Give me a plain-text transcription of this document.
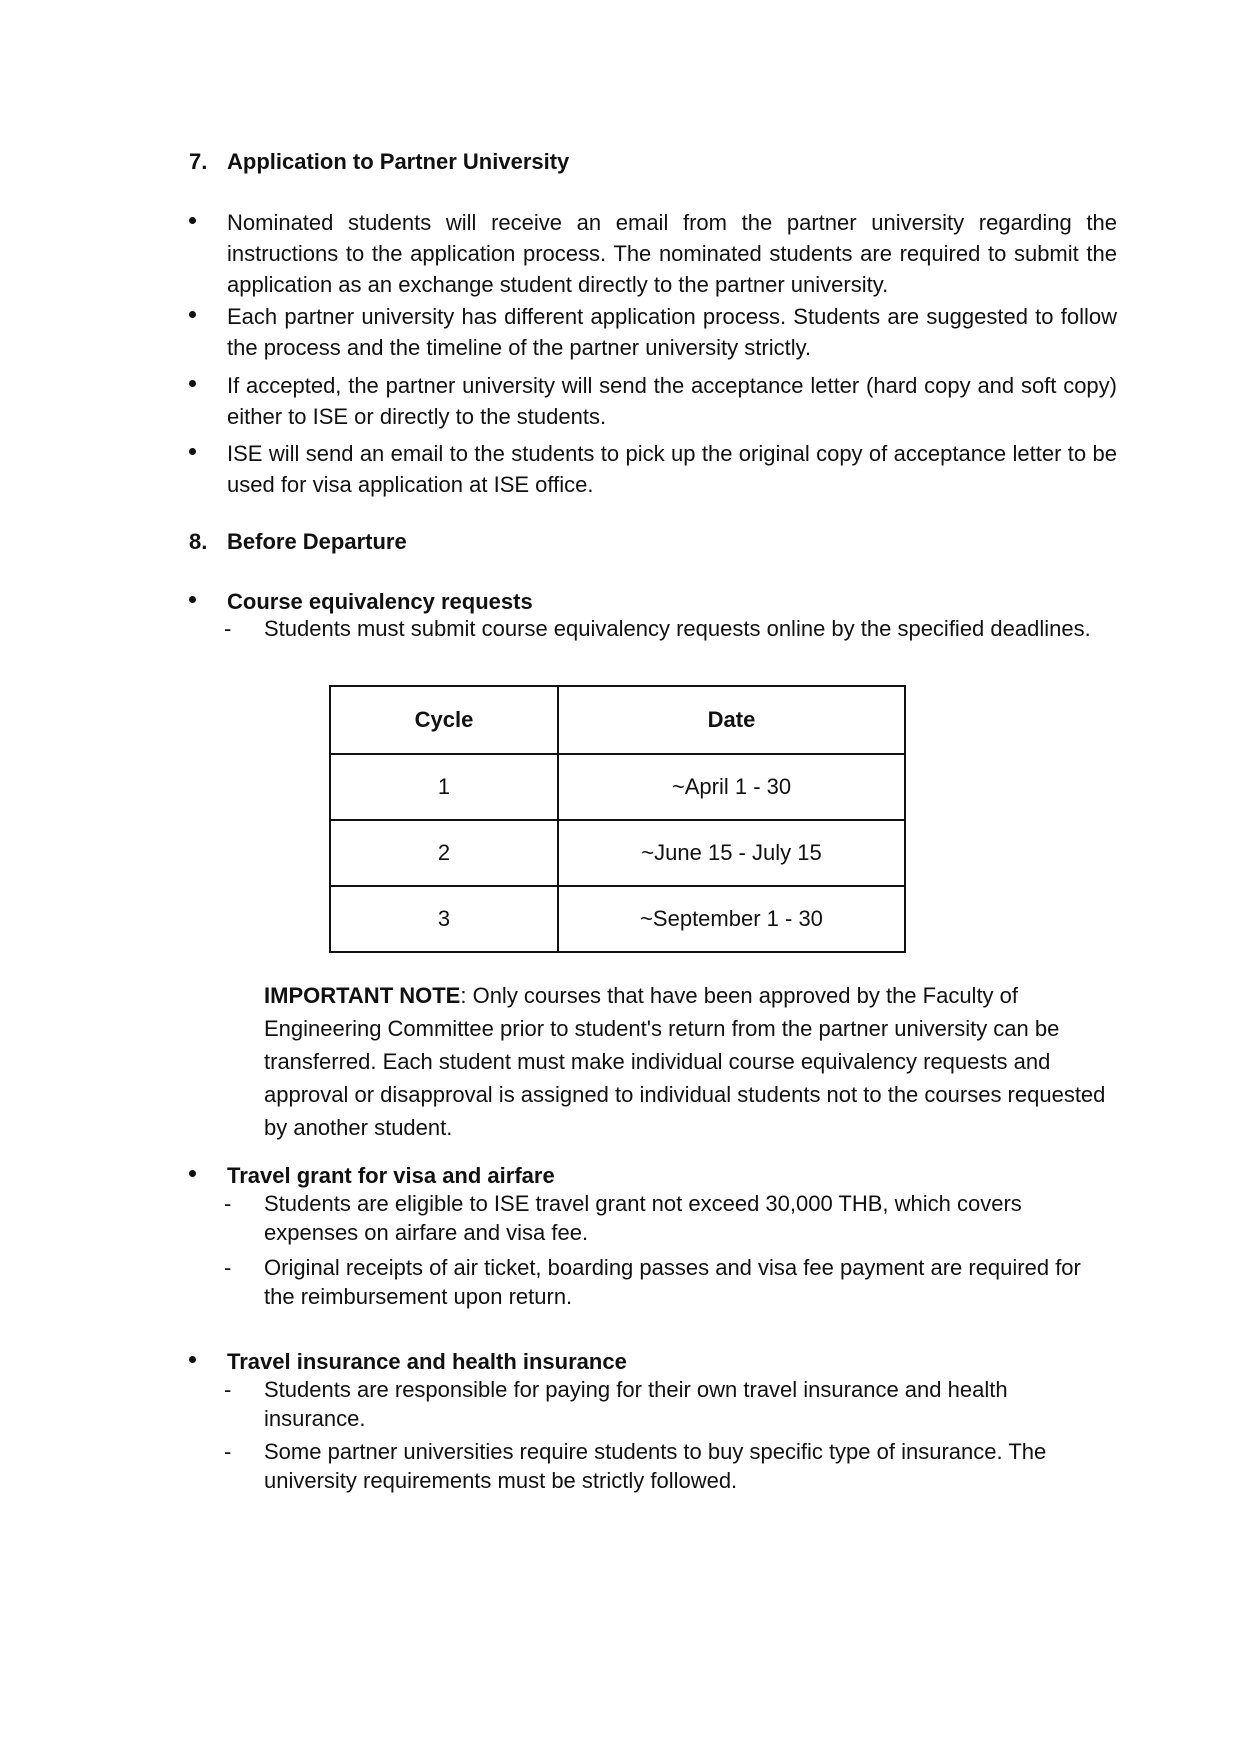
7. Application to Partner University
Nominated students will receive an email from the partner university regarding the instructions to the application process. The nominated students are required to submit the application as an exchange student directly to the partner university.
Each partner university has different application process. Students are suggested to follow the process and the timeline of the partner university strictly.
If accepted, the partner university will send the acceptance letter (hard copy and soft copy) either to ISE or directly to the students.
ISE will send an email to the students to pick up the original copy of acceptance letter to be used for visa application at ISE office.
8. Before Departure
Course equivalency requests
- Students must submit course equivalency requests online by the specified deadlines.
Cycle	Date
1	~April 1 - 30
2	~June 15 - July 15
3	~September 1 - 30
IMPORTANT NOTE: Only courses that have been approved by the Faculty of Engineering Committee prior to student's return from the partner university can be transferred. Each student must make individual course equivalency requests and approval or disapproval is assigned to individual students not to the courses requested by another student.
Travel grant for visa and airfare
- Students are eligible to ISE travel grant not exceed 30,000 THB, which covers expenses on airfare and visa fee.
- Original receipts of air ticket, boarding passes and visa fee payment are required for the reimbursement upon return.
Travel insurance and health insurance
- Students are responsible for paying for their own travel insurance and health insurance.
- Some partner universities require students to buy specific type of insurance. The university requirements must be strictly followed.
